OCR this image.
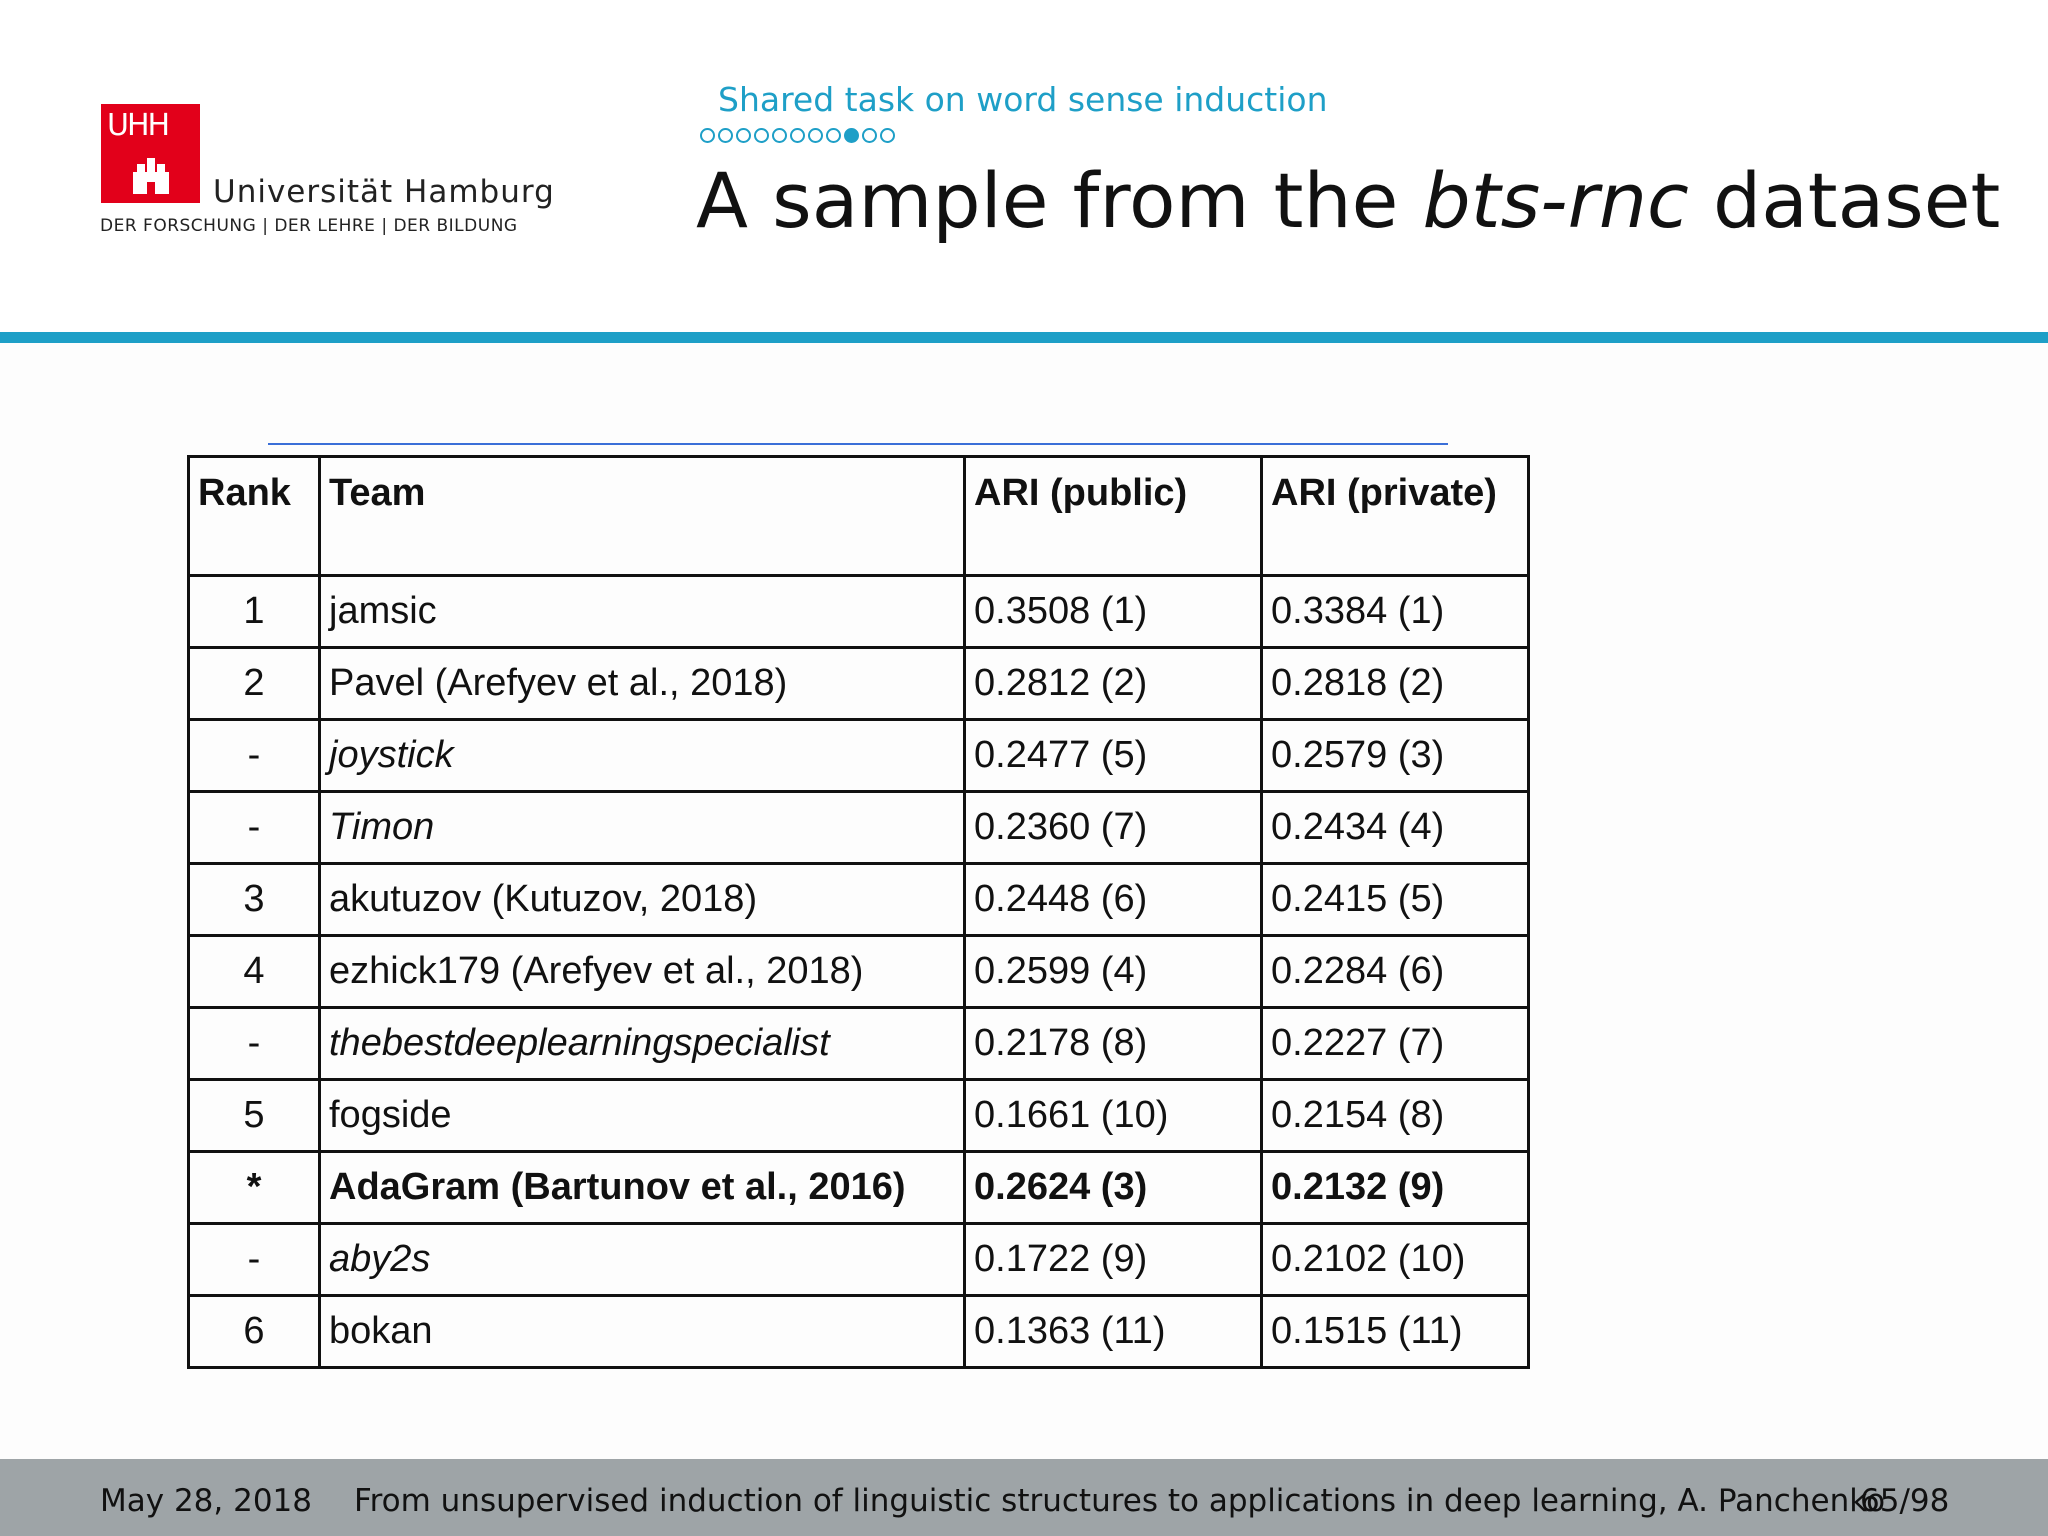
UHH
Universität Hamburg
DER FORSCHUNG | DER LEHRE | DER BILDUNG
Shared task on word sense induction
A sample from the bts-rnc dataset
Rank	Team	ARI (public)	ARI (private)
1	jamsic	0.3508 (1)	0.3384 (1)
2	Pavel (Arefyev et al., 2018)	0.2812 (2)	0.2818 (2)
-	joystick	0.2477 (5)	0.2579 (3)
-	Timon	0.2360 (7)	0.2434 (4)
3	akutuzov (Kutuzov, 2018)	0.2448 (6)	0.2415 (5)
4	ezhick179 (Arefyev et al., 2018)	0.2599 (4)	0.2284 (6)
-	thebestdeeplearningspecialist	0.2178 (8)	0.2227 (7)
5	fogside	0.1661 (10)	0.2154 (8)
*	AdaGram (Bartunov et al., 2016)	0.2624 (3)	0.2132 (9)
-	aby2s	0.1722 (9)	0.2102 (10)
6	bokan	0.1363 (11)	0.1515 (11)
May 28, 2018 From unsupervised induction of linguistic structures to applications in deep learning, A. Panchenko
65/98
